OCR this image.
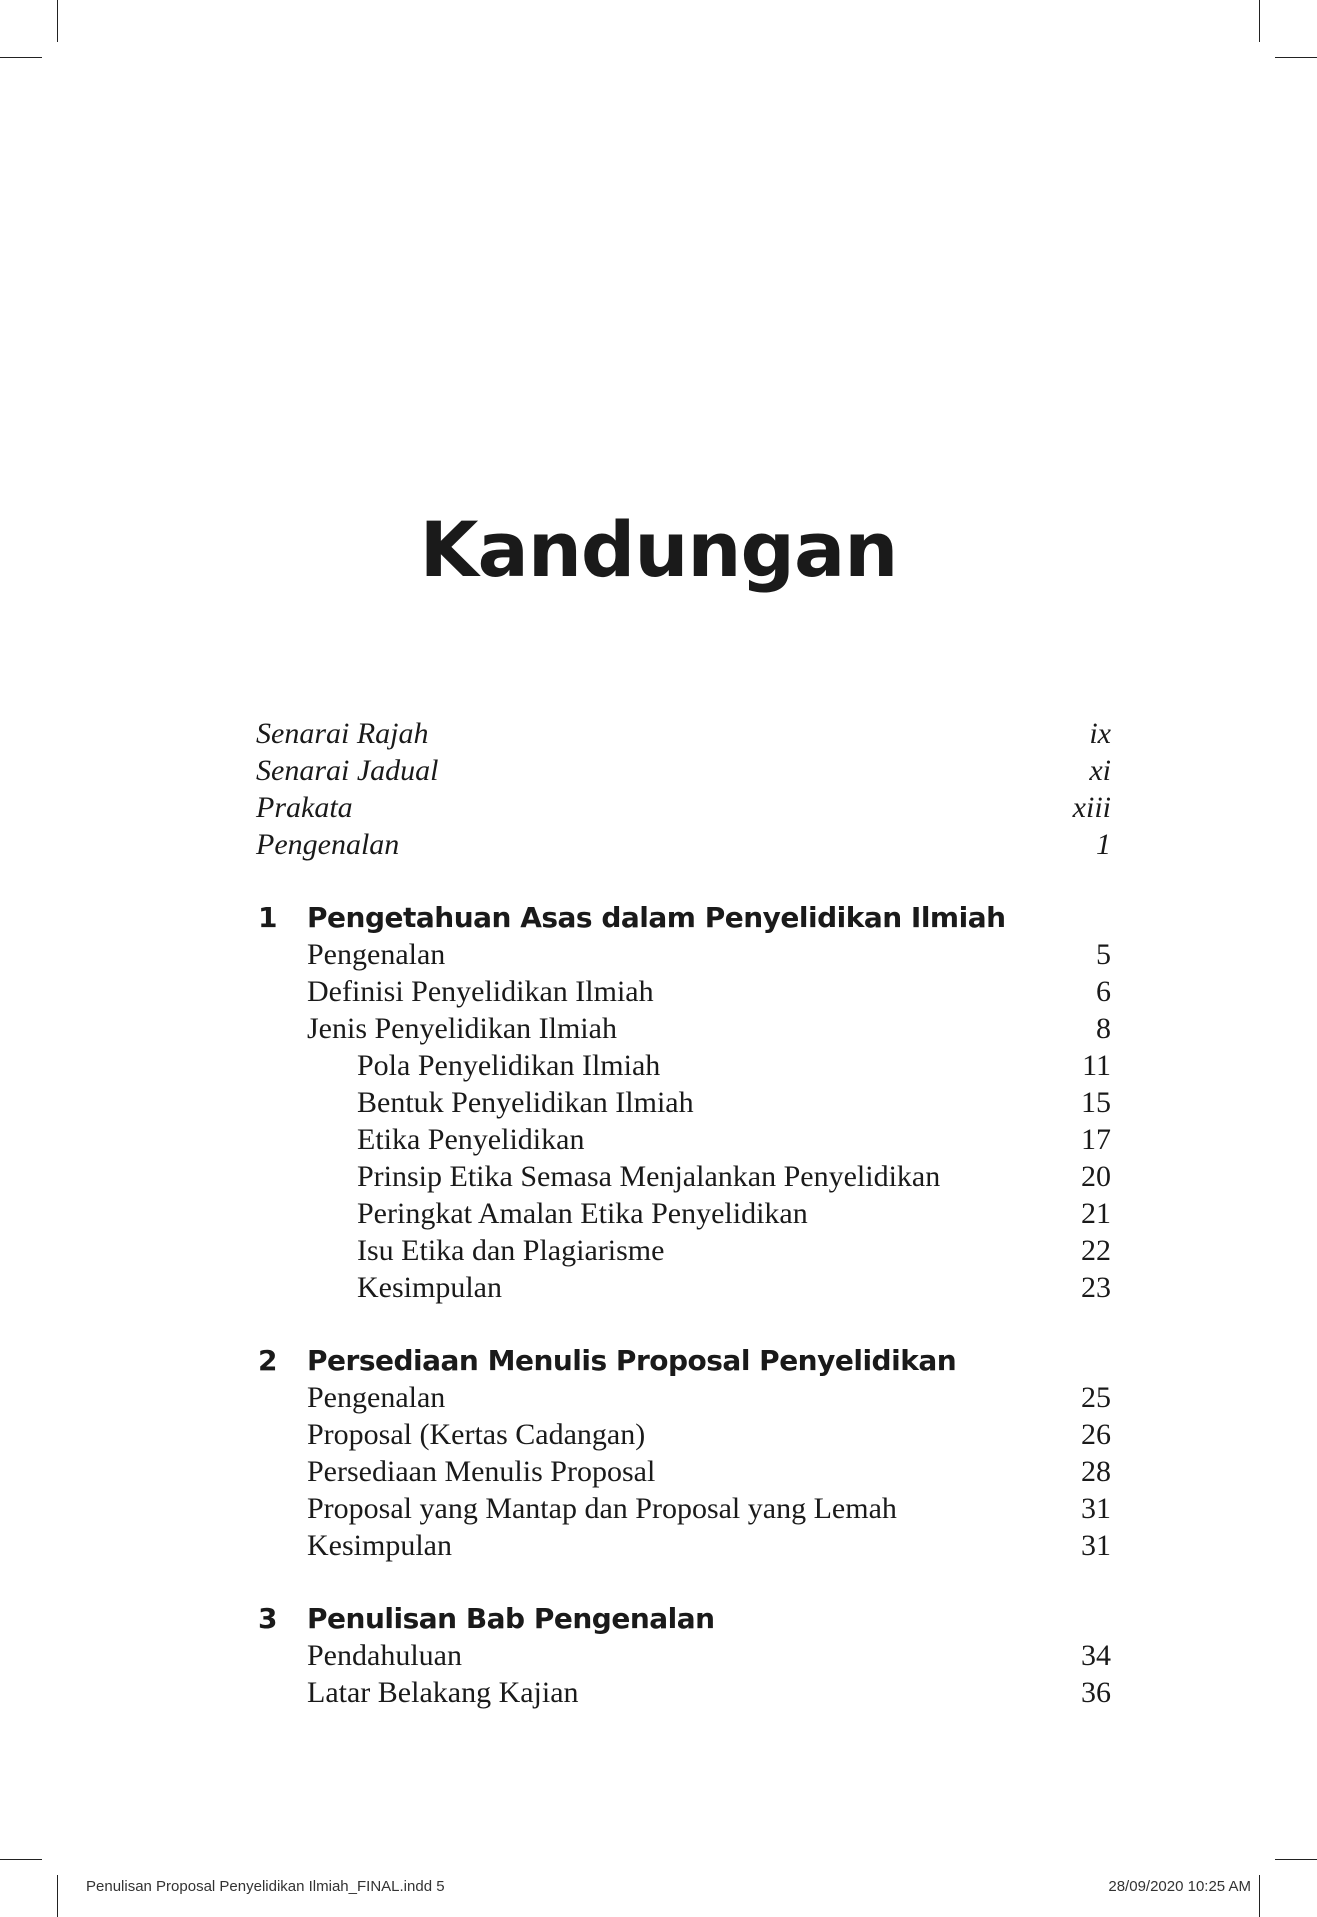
Kandungan
Senarai Rajah	ix
Senarai Jadual	xi
Prakata	xiii
Pengenalan	1
1 Pengetahuan Asas dalam Penyelidikan Ilmiah
Pengenalan	5
Definisi Penyelidikan Ilmiah	6
Jenis Penyelidikan Ilmiah	8
Pola Penyelidikan Ilmiah	11
Bentuk Penyelidikan Ilmiah	15
Etika Penyelidikan	17
Prinsip Etika Semasa Menjalankan Penyelidikan	20
Peringkat Amalan Etika Penyelidikan	21
Isu Etika dan Plagiarisme	22
Kesimpulan	23
2 Persediaan Menulis Proposal Penyelidikan
Pengenalan	25
Proposal (Kertas Cadangan)	26
Persediaan Menulis Proposal	28
Proposal yang Mantap dan Proposal yang Lemah	31
Kesimpulan	31
3 Penulisan Bab Pengenalan
Pendahuluan	34
Latar Belakang Kajian	36
Penulisan Proposal Penyelidikan Ilmiah_FINAL.indd 5	28/09/2020 10:25 AM
